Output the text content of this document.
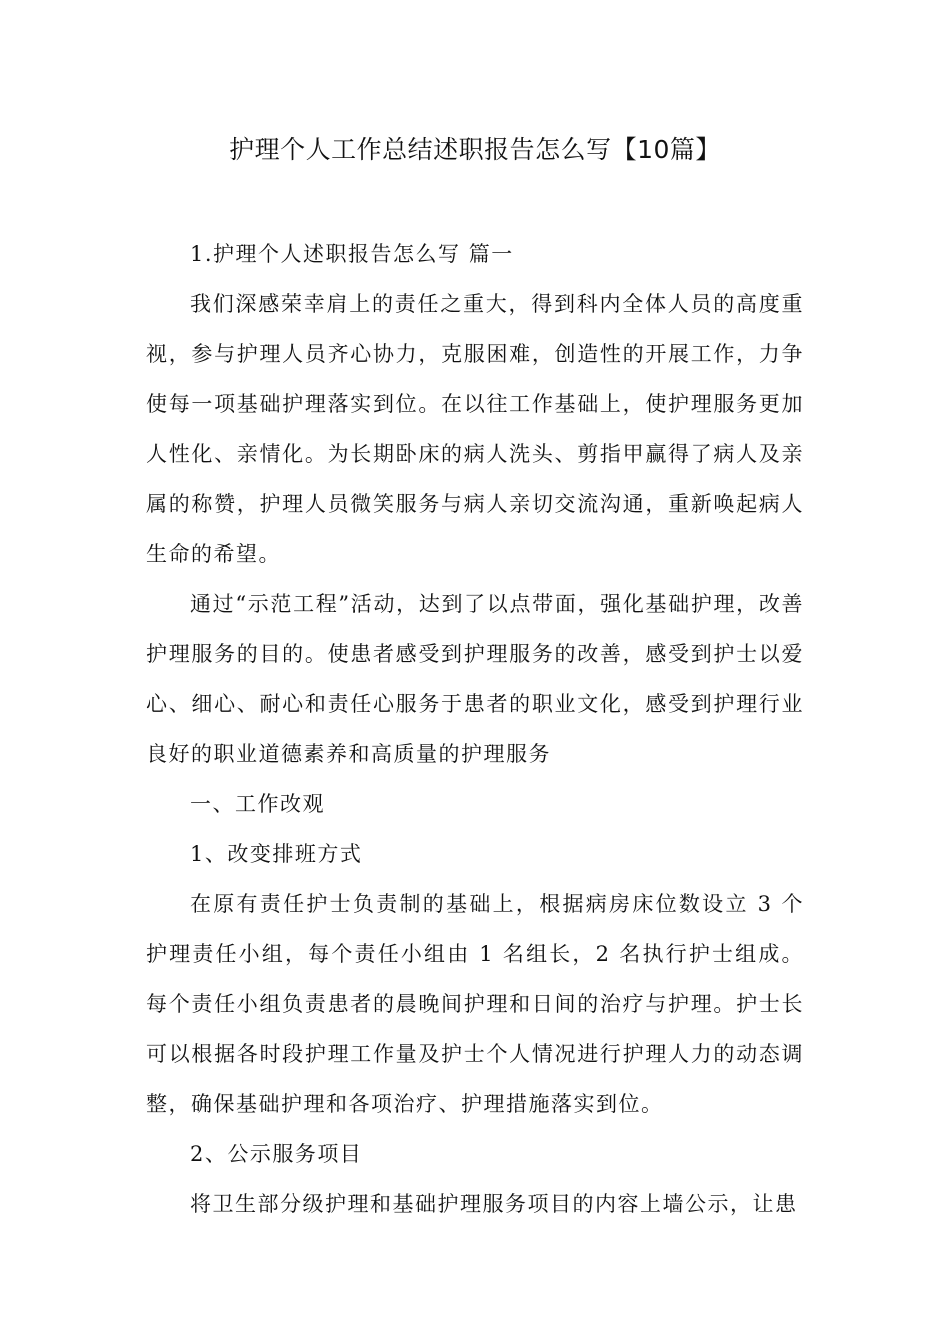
护理个人工作总结述职报告怎么写【10篇】

1.护理个人述职报告怎么写 篇一

我们深感荣幸肩上的责任之重大，得到科内全体人员的高度重视，参与护理人员齐心协力，克服困难，创造性的开展工作，力争使每一项基础护理落实到位。在以往工作基础上，使护理服务更加人性化、亲情化。为长期卧床的病人洗头、剪指甲赢得了病人及亲属的称赞，护理人员微笑服务与病人亲切交流沟通，重新唤起病人生命的希望。

通过“示范工程”活动，达到了以点带面，强化基础护理，改善护理服务的目的。使患者感受到护理服务的改善，感受到护士以爱心、细心、耐心和责任心服务于患者的职业文化，感受到护理行业良好的职业道德素养和高质量的护理服务

一、工作改观

1、改变排班方式

在原有责任护士负责制的基础上，根据病房床位数设立 3 个护理责任小组，每个责任小组由 1 名组长，2 名执行护士组成。每个责任小组负责患者的晨晚间护理和日间的治疗与护理。护士长可以根据各时段护理工作量及护士个人情况进行护理人力的动态调整，确保基础护理和各项治疗、护理措施落实到位。

2、公示服务项目

将卫生部分级护理和基础护理服务项目的内容上墙公示，让患
